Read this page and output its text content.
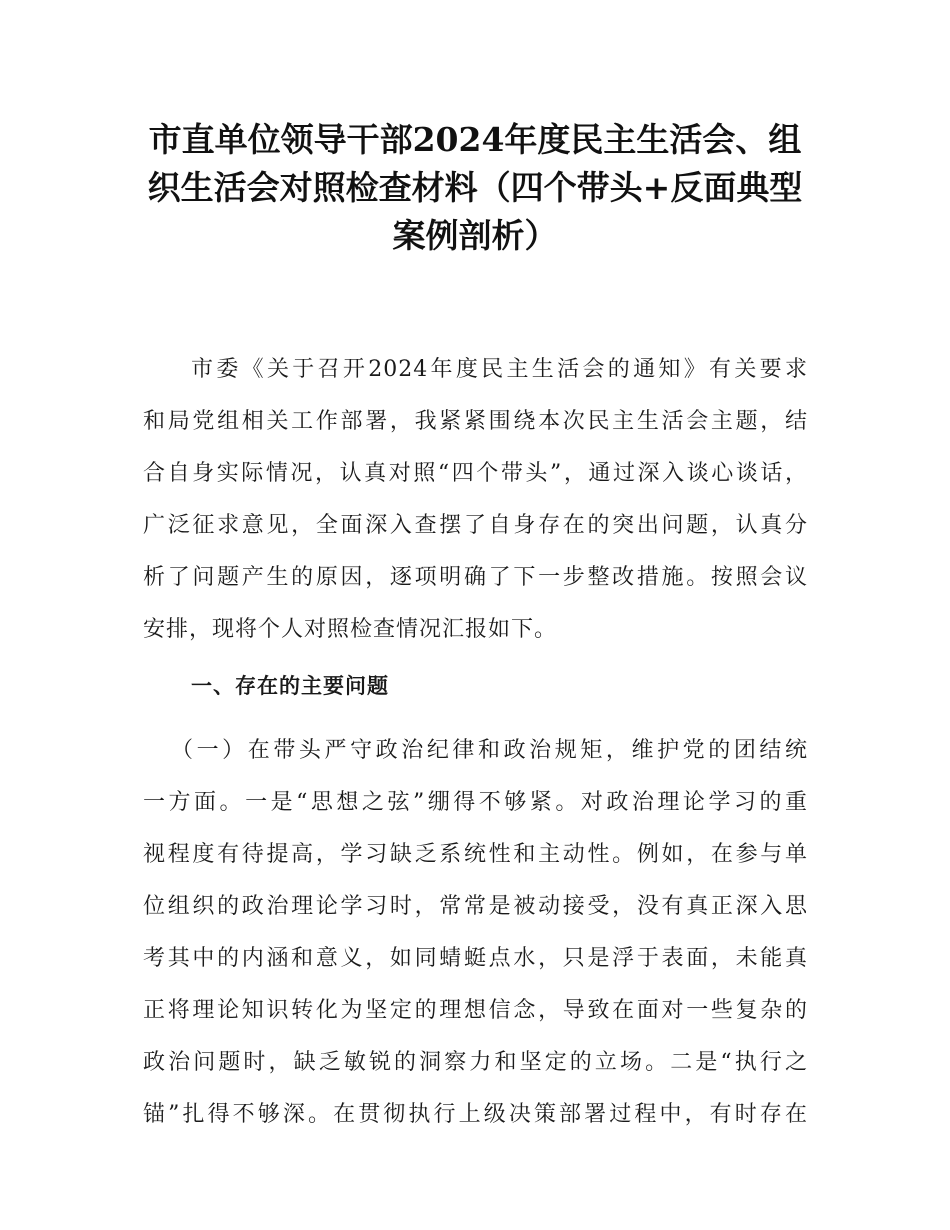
市直单位领导干部2024年度民主生活会、组
织生活会对照检查材料（四个带头+反面典型
案例剖析）
市委《关于召开2024年度民主生活会的通知》有关要求
和局党组相关工作部署，我紧紧围绕本次民主生活会主题，结
合自身实际情况，认真对照“四个带头”，通过深入谈心谈话，
广泛征求意见，全面深入查摆了自身存在的突出问题，认真分
析了问题产生的原因，逐项明确了下一步整改措施。按照会议
安排，现将个人对照检查情况汇报如下。
一、存在的主要问题
（一）在带头严守政治纪律和政治规矩，维护党的团结统
一方面。一是“思想之弦”绷得不够紧。对政治理论学习的重
视程度有待提高，学习缺乏系统性和主动性。例如，在参与单
位组织的政治理论学习时，常常是被动接受，没有真正深入思
考其中的内涵和意义，如同蜻蜓点水，只是浮于表面，未能真
正将理论知识转化为坚定的理想信念，导致在面对一些复杂的
政治问题时，缺乏敏锐的洞察力和坚定的立场。二是“执行之
锚”扎得不够深。在贯彻执行上级决策部署过程中，有时存在
